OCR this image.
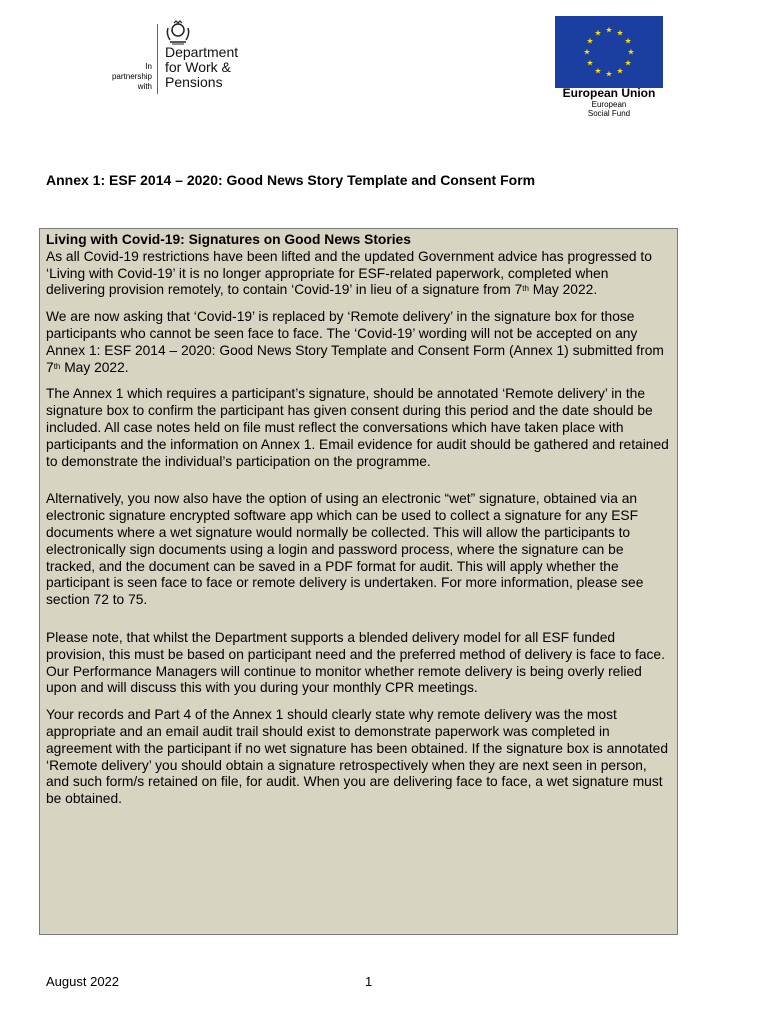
In
partnership
with
Department
for Work &
Pensions
★ ★
★
★
★
★
★
★
★
★
★
★
European Union
European
Social Fund
Annex 1: ESF 2014 – 2020: Good News Story Template and Consent Form
Living with Covid-19: Signatures on Good News Stories

As all Covid-19 restrictions have been lifted and the updated Government advice has progressed to ‘Living with Covid-19’ it is no longer appropriate for ESF-related paperwork, completed when delivering provision remotely, to contain ‘Covid-19’ in lieu of a signature from 7th May 2022.

We are now asking that ‘Covid-19’ is replaced by ‘Remote delivery’ in the signature box for those participants who cannot be seen face to face. The ‘Covid-19’ wording will not be accepted on any Annex 1: ESF 2014 – 2020: Good News Story Template and Consent Form (Annex 1) submitted from 7th May 2022.

The Annex 1 which requires a participant’s signature, should be annotated ‘Remote delivery’ in the signature box to confirm the participant has given consent during this period and the date should be included. All case notes held on file must reflect the conversations which have taken place with participants and the information on Annex 1. Email evidence for audit should be gathered and retained to demonstrate the individual’s participation on the programme.

Alternatively, you now also have the option of using an electronic “wet” signature, obtained via an electronic signature encrypted software app which can be used to collect a signature for any ESF documents where a wet signature would normally be collected. This will allow the participants to electronically sign documents using a login and password process, where the signature can be tracked, and the document can be saved in a PDF format for audit. This will apply whether the participant is seen face to face or remote delivery is undertaken. For more information, please see section 72 to 75.

Please note, that whilst the Department supports a blended delivery model for all ESF funded provision, this must be based on participant need and the preferred method of delivery is face to face. Our Performance Managers will continue to monitor whether remote delivery is being overly relied upon and will discuss this with you during your monthly CPR meetings.

Your records and Part 4 of the Annex 1 should clearly state why remote delivery was the most appropriate and an email audit trail should exist to demonstrate paperwork was completed in agreement with the participant if no wet signature has been obtained. If the signature box is annotated ‘Remote delivery’ you should obtain a signature retrospectively when they are next seen in person, and such form/s retained on file, for audit. When you are delivering face to face, a wet signature must be obtained.

August 2022	1
